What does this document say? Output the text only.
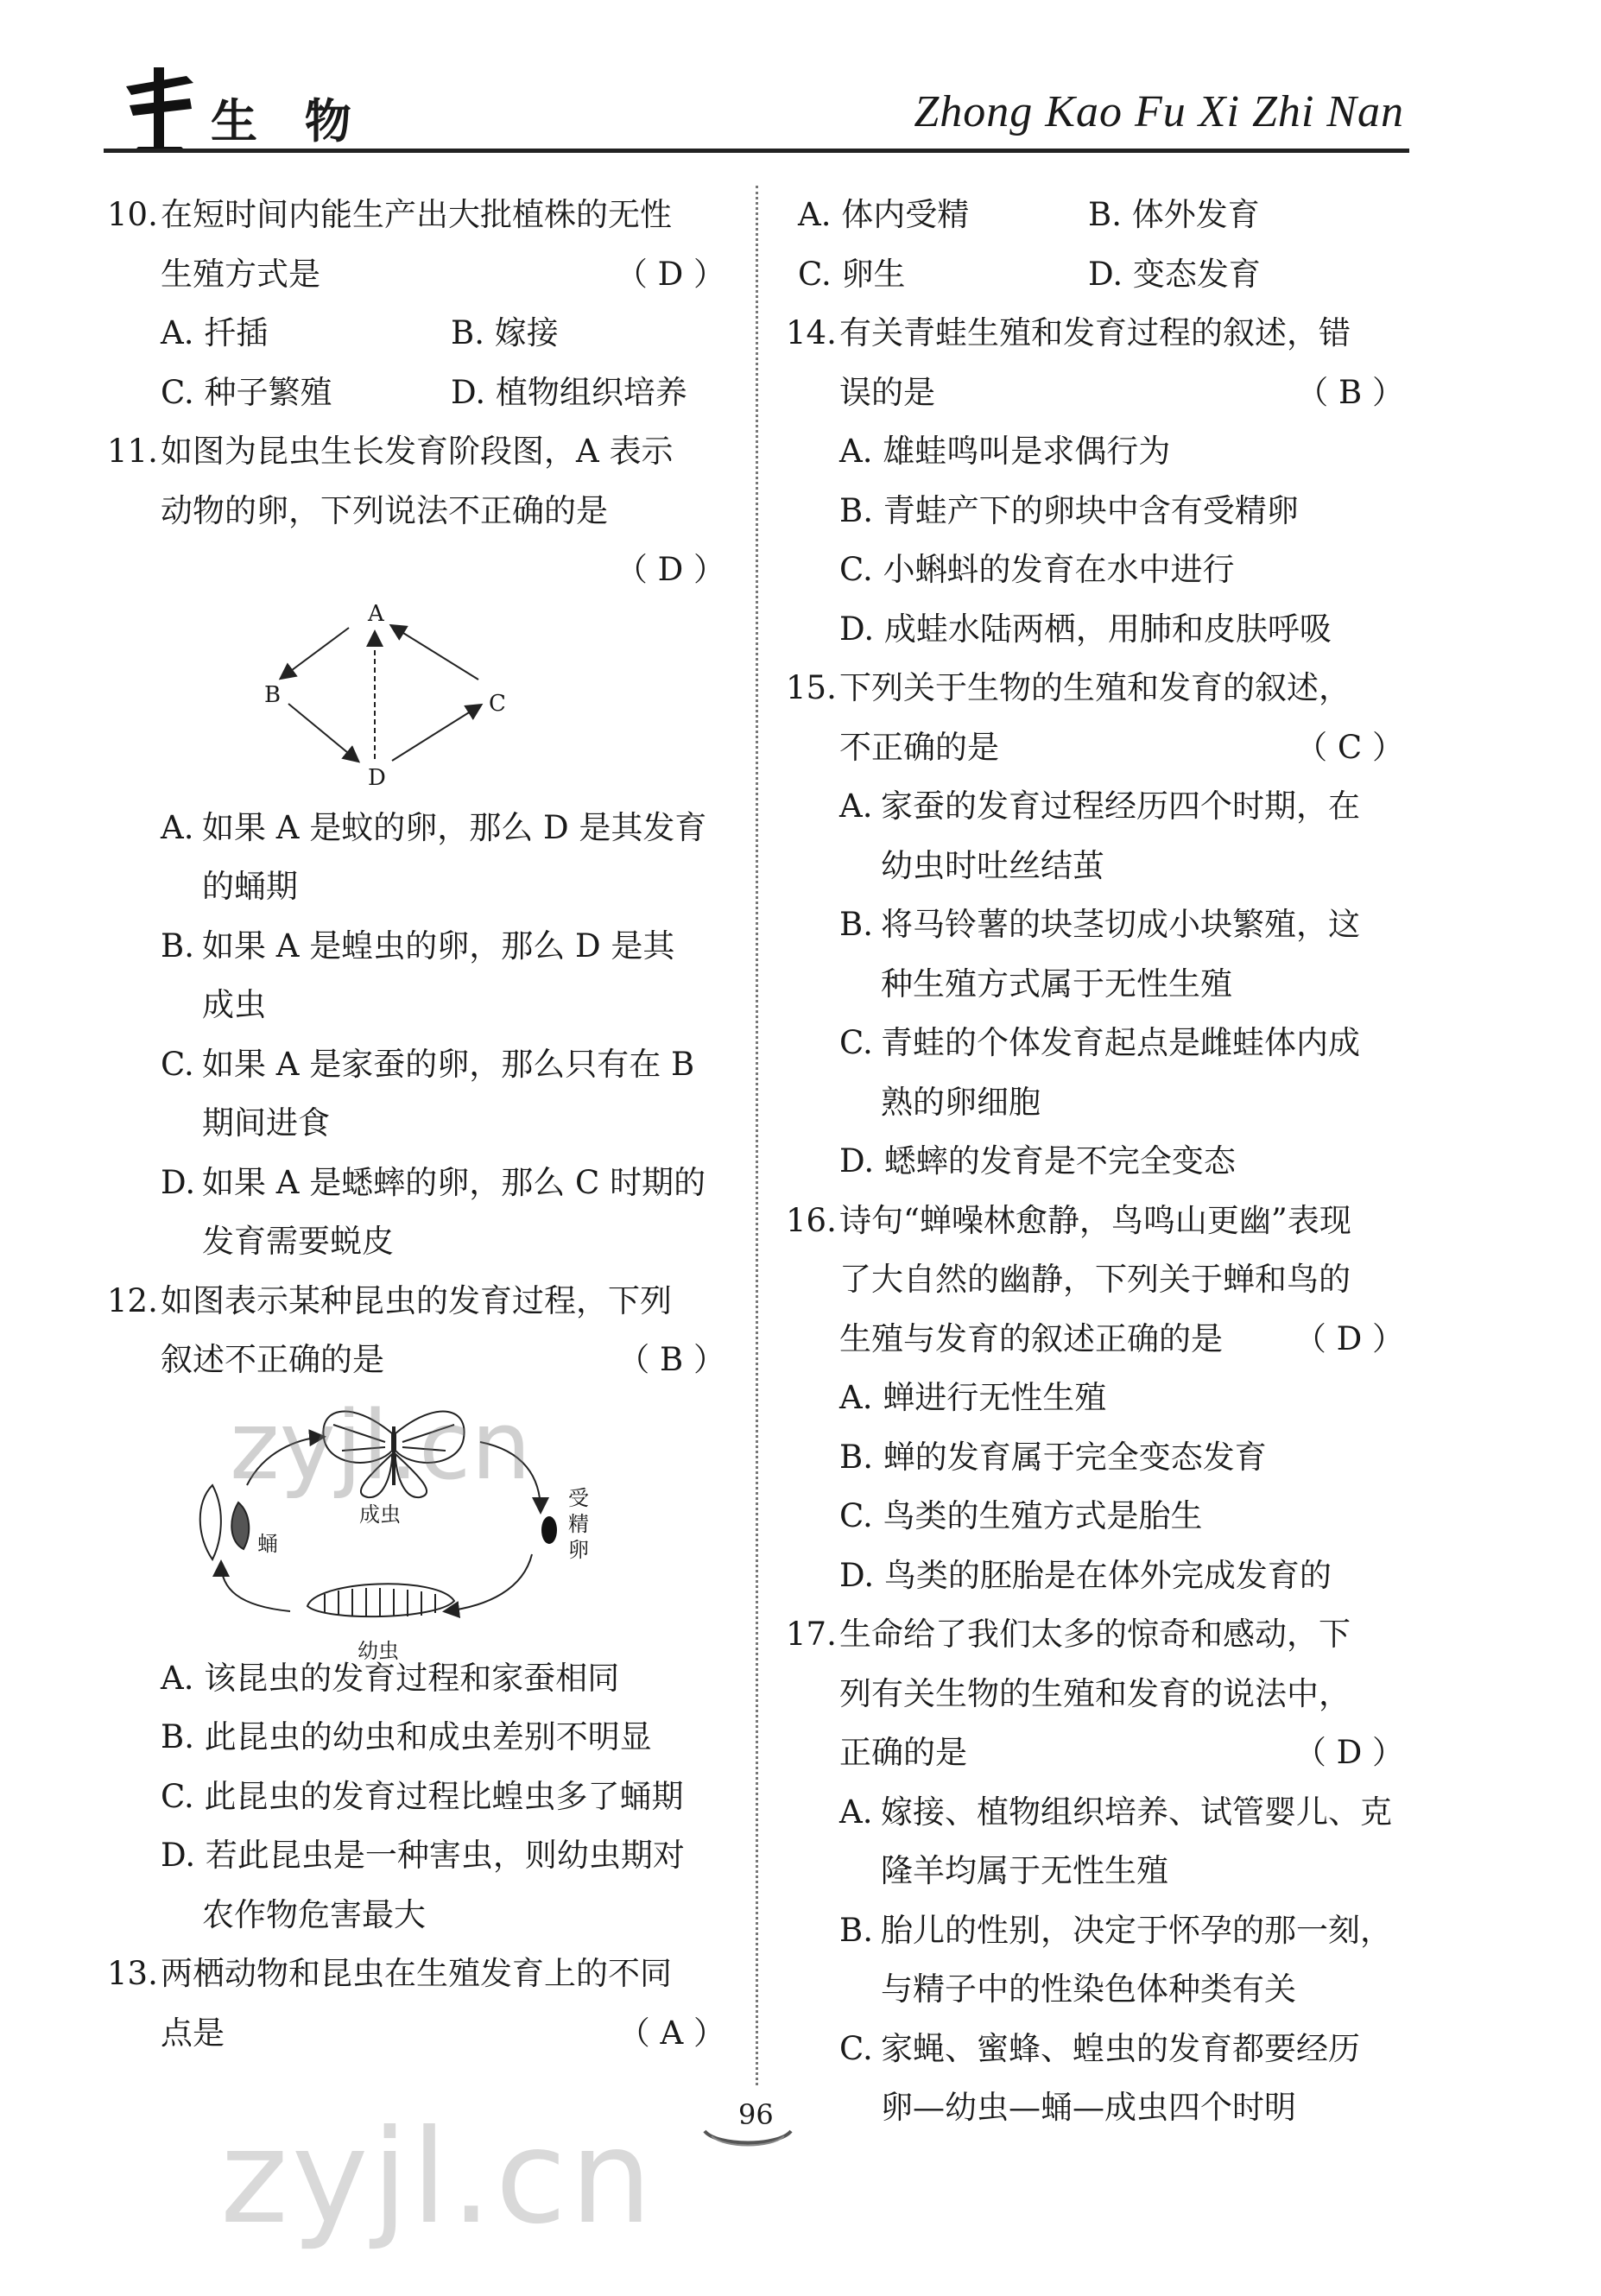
生 物	Zhong Kao Fu Xi Zhi Nan
10. 在短时间内能生产出大批植株的无性
生殖方式是	（ D ）
A. 扦插	B. 嫁接
C. 种子繁殖	D. 植物组织培养
11. 如图为昆虫生长发育阶段图，A 表示
动物的卵，下列说法不正确的是
（ D ）
A
B	C
D
A. 如果 A 是蚊的卵，那么 D 是其发育
的蛹期
B. 如果 A 是蝗虫的卵，那么 D 是其
成虫
C. 如果 A 是家蚕的卵，那么只有在 B
期间进食
D. 如果 A 是蟋蟀的卵，那么 C 时期的
发育需要蜕皮
12. 如图表示某种昆虫的发育过程，下列
叙述不正确的是	（ B ）
zyjl.cn
成虫
蛹
受精卵
幼虫
A. 该昆虫的发育过程和家蚕相同
B. 此昆虫的幼虫和成虫差别不明显
C. 此昆虫的发育过程比蝗虫多了蛹期
D. 若此昆虫是一种害虫，则幼虫期对
农作物危害最大
13. 两栖动物和昆虫在生殖发育上的不同
点是	（ A ）
A. 体内受精	B. 体外发育
C. 卵生	D. 变态发育
14. 有关青蛙生殖和发育过程的叙述，错
误的是	（ B ）
A. 雄蛙鸣叫是求偶行为
B. 青蛙产下的卵块中含有受精卵
C. 小蝌蚪的发育在水中进行
D. 成蛙水陆两栖，用肺和皮肤呼吸
15. 下列关于生物的生殖和发育的叙述，
不正确的是	（ C ）
A. 家蚕的发育过程经历四个时期，在
幼虫时吐丝结茧
B. 将马铃薯的块茎切成小块繁殖，这
种生殖方式属于无性生殖
C. 青蛙的个体发育起点是雌蛙体内成
熟的卵细胞
D. 蟋蟀的发育是不完全变态
16. 诗句“蝉噪林愈静，鸟鸣山更幽”表现
了大自然的幽静，下列关于蝉和鸟的
生殖与发育的叙述正确的是 （ D ）
A. 蝉进行无性生殖
B. 蝉的发育属于完全变态发育
C. 鸟类的生殖方式是胎生
D. 鸟类的胚胎是在体外完成发育的
17. 生命给了我们太多的惊奇和感动，下
列有关生物的生殖和发育的说法中，
正确的是	（ D ）
A. 嫁接、植物组织培养、试管婴儿、克
隆羊均属于无性生殖
B. 胎儿的性别，决定于怀孕的那一刻，
与精子中的性染色体种类有关
C. 家蝇、蜜蜂、蝗虫的发育都要经历
卵—幼虫—蛹—成虫四个时明
96
zyjl.cn
